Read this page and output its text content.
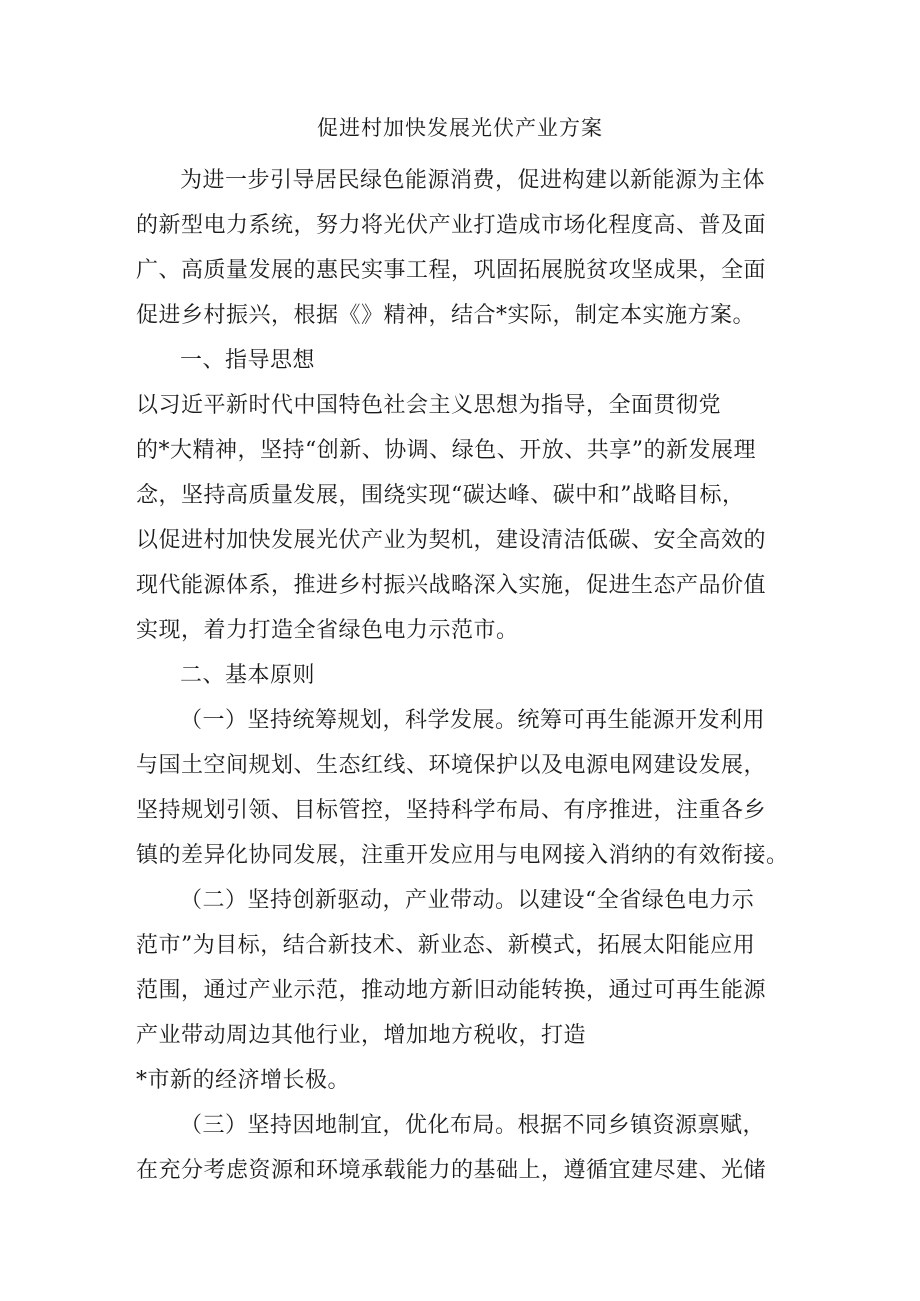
促进村加快发展光伏产业方案
为进一步引导居民绿色能源消费，促进构建以新能源为主体
的新型电力系统，努力将光伏产业打造成市场化程度高、普及面
广、高质量发展的惠民实事工程，巩固拓展脱贫攻坚成果，全面
促进乡村振兴，根据《》精神，结合*实际，制定本实施方案。
一、指导思想
以习近平新时代中国特色社会主义思想为指导，全面贯彻党
的*大精神，坚持“创新、协调、绿色、开放、共享”的新发展理
念，坚持高质量发展，围绕实现“碳达峰、碳中和”战略目标，
以促进村加快发展光伏产业为契机，建设清洁低碳、安全高效的
现代能源体系，推进乡村振兴战略深入实施，促进生态产品价值
实现，着力打造全省绿色电力示范市。
二、基本原则
（一）坚持统筹规划，科学发展。统筹可再生能源开发利用
与国土空间规划、生态红线、环境保护以及电源电网建设发展，
坚持规划引领、目标管控，坚持科学布局、有序推进，注重各乡
镇的差异化协同发展，注重开发应用与电网接入消纳的有效衔接。
（二）坚持创新驱动，产业带动。以建设“全省绿色电力示
范市”为目标，结合新技术、新业态、新模式，拓展太阳能应用
范围，通过产业示范，推动地方新旧动能转换，通过可再生能源
产业带动周边其他行业，增加地方税收，打造
*市新的经济增长极。
（三）坚持因地制宜，优化布局。根据不同乡镇资源禀赋，
在充分考虑资源和环境承载能力的基础上，遵循宜建尽建、光储
